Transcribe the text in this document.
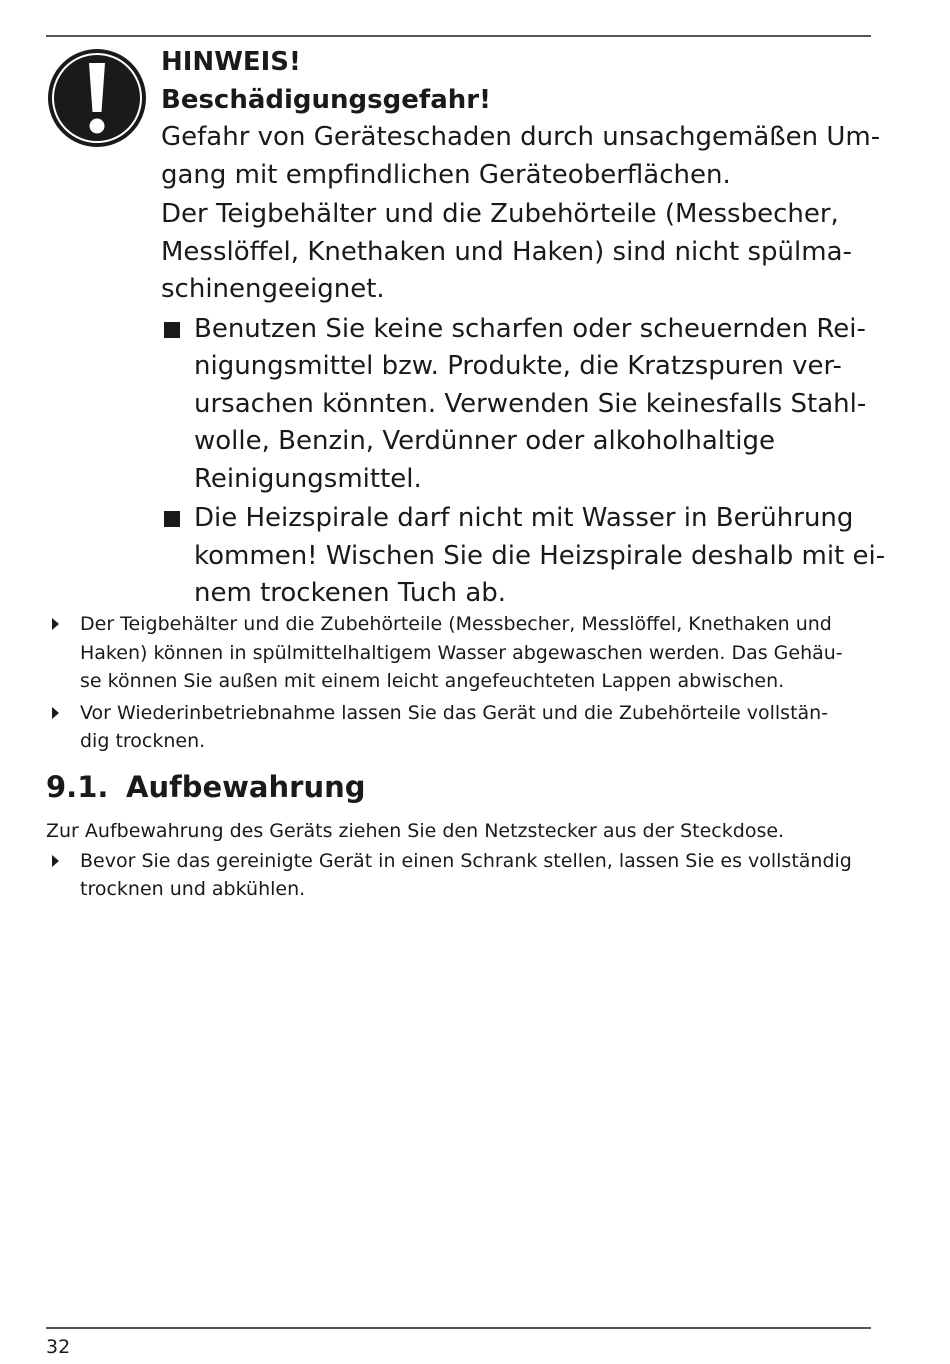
HINWEIS!
Beschädigungsgefahr!
Gefahr von Geräteschaden durch unsachgemäßen Um-
gang mit empfindlichen Geräteoberflächen.
Der Teigbehälter und die Zubehörteile (Messbecher,
Messlöffel, Knethaken und Haken) sind nicht spülma-
schinengeeignet.
Benutzen Sie keine scharfen oder scheuernden Rei-
nigungsmittel bzw. Produkte, die Kratzspuren ver-
ursachen könnten. Verwenden Sie keinesfalls Stahl-
wolle, Benzin, Verdünner oder alkoholhaltige
Reinigungsmittel.
Die Heizspirale darf nicht mit Wasser in Berührung
kommen! Wischen Sie die Heizspirale deshalb mit ei-
nem trockenen Tuch ab.
Der Teigbehälter und die Zubehörteile (Messbecher, Messlöffel, Knethaken und
Haken) können in spülmittelhaltigem Wasser abgewaschen werden. Das Gehäu-
se können Sie außen mit einem leicht angefeuchteten Lappen abwischen.
Vor Wiederinbetriebnahme lassen Sie das Gerät und die Zubehörteile vollstän-
dig trocknen.
9.1. Aufbewahrung
Zur Aufbewahrung des Geräts ziehen Sie den Netzstecker aus der Steckdose.
Bevor Sie das gereinigte Gerät in einen Schrank stellen, lassen Sie es vollständig
trocknen und abkühlen.
32
